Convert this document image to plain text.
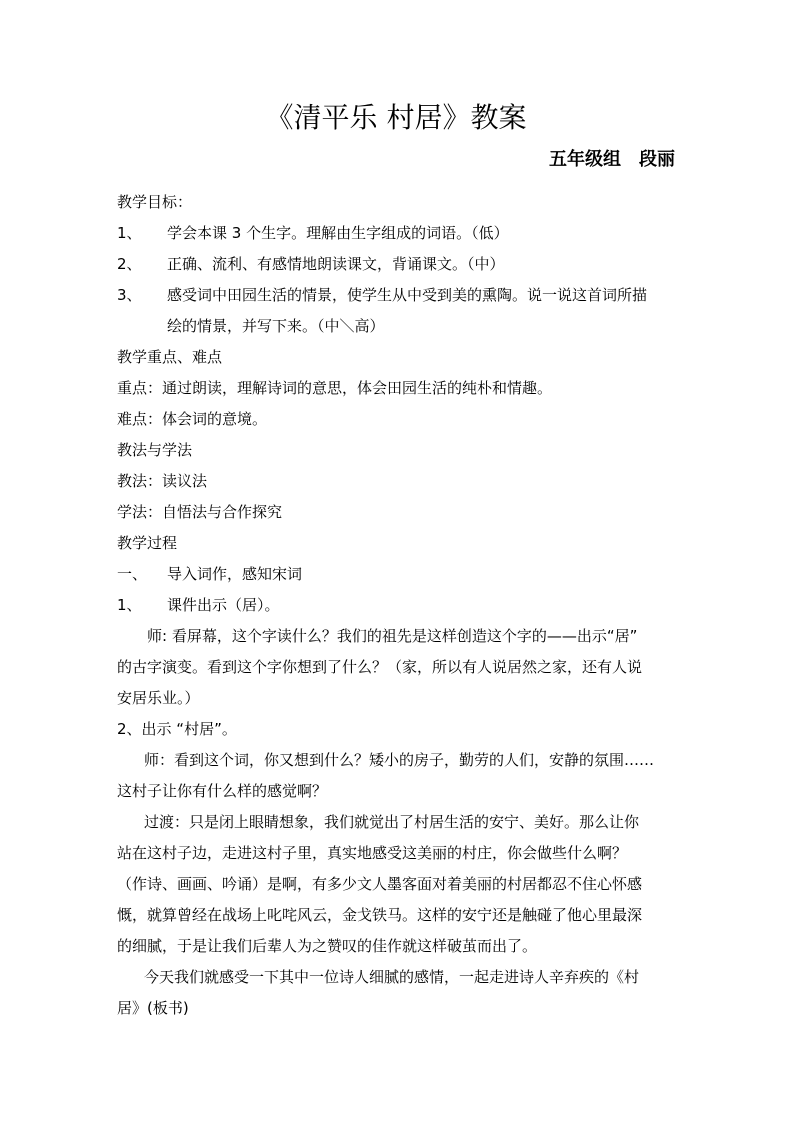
《清平乐 村居》教案
五年级组 段丽
教学目标：
1、 学会本课 3 个生字。理解由生字组成的词语。（低）
2、 正确、流利、有感情地朗读课文，背诵课文。（中）
3、 感受词中田园生活的情景，使学生从中受到美的熏陶。说一说这首词所描
绘的情景，并写下来。（中＼高）
教学重点、难点
重点：通过朗读，理解诗词的意思，体会田园生活的纯朴和情趣。
难点：体会词的意境。
教法与学法
教法：读议法
学法：自悟法与合作探究
教学过程
一、 导入词作，感知宋词
1、 课件出示（居）。
师: 看屏幕，这个字读什么？我们的祖先是这样创造这个字的——出示“居”
的古字演变。看到这个字你想到了什么？（家，所以有人说居然之家，还有人说
安居乐业。）
2、出示 “村居”。
师：看到这个词，你又想到什么？矮小的房子，勤劳的人们，安静的氛围……
这村子让你有什么样的感觉啊？
过渡：只是闭上眼睛想象，我们就觉出了村居生活的安宁、美好。那么让你
站在这村子边，走进这村子里，真实地感受这美丽的村庄，你会做些什么啊？
（作诗、画画、吟诵）是啊，有多少文人墨客面对着美丽的村居都忍不住心怀感
慨，就算曾经在战场上叱咤风云，金戈铁马。这样的安宁还是触碰了他心里最深
的细腻，于是让我们后辈人为之赞叹的佳作就这样破茧而出了。
今天我们就感受一下其中一位诗人细腻的感情，一起走进诗人辛弃疾的《村
居》(板书)
